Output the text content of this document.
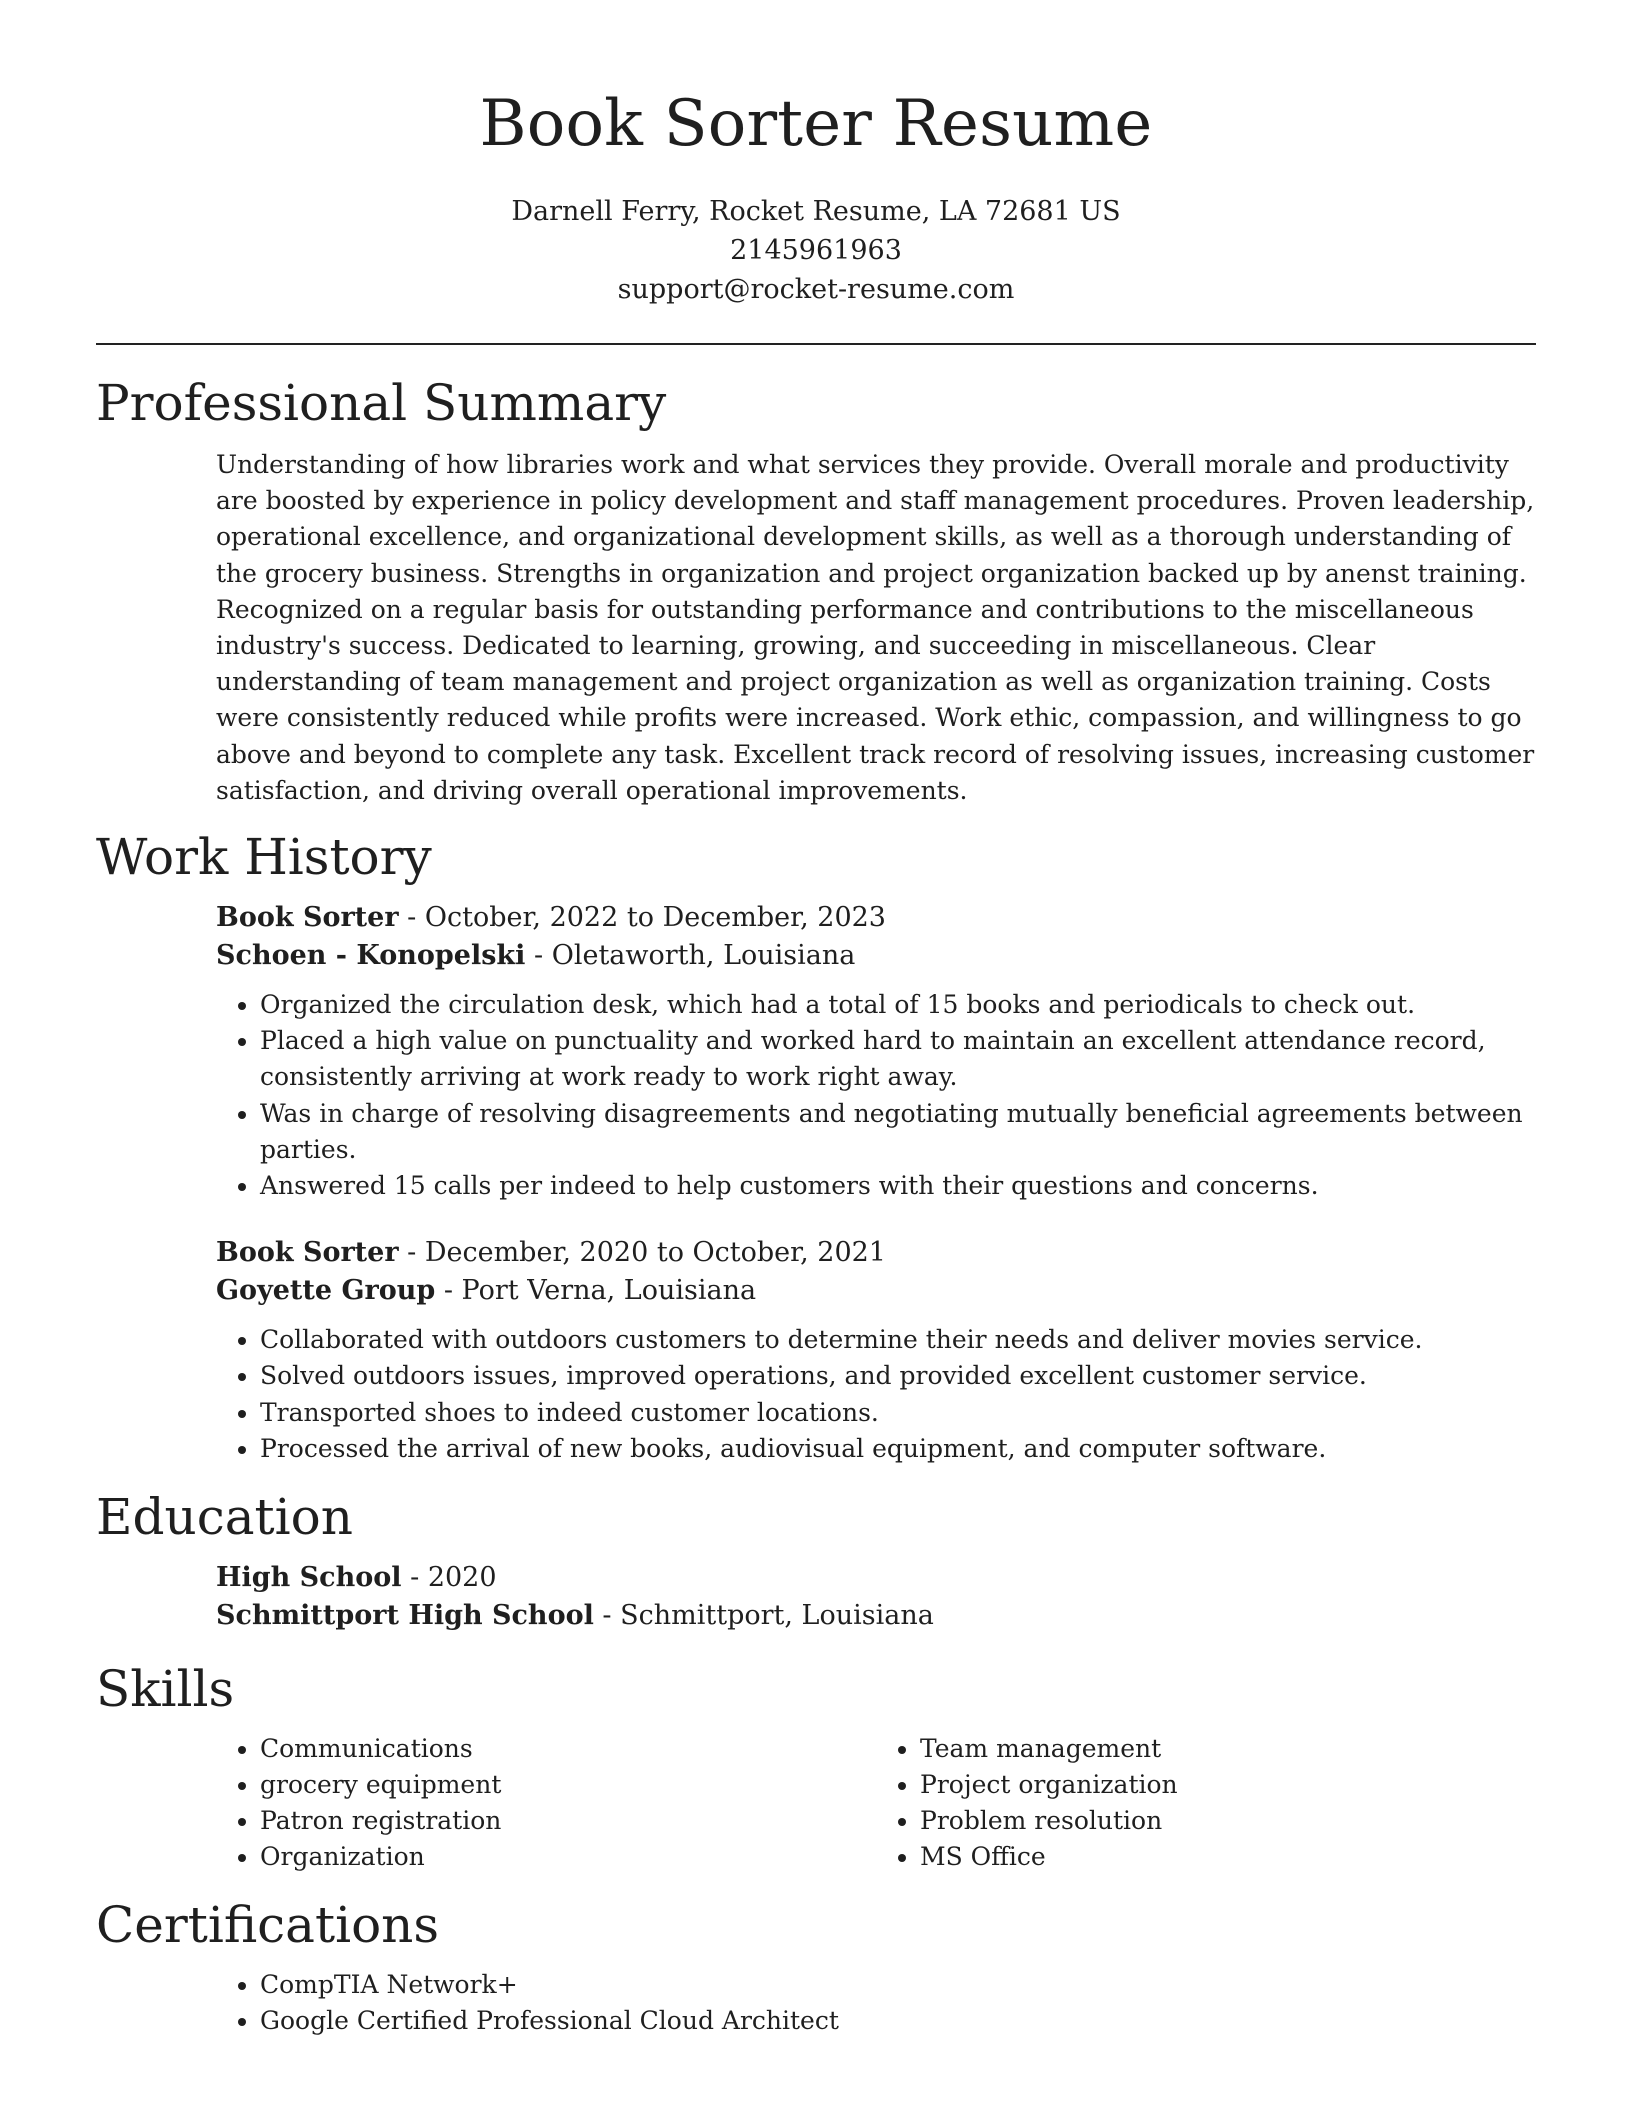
Book Sorter Resume
Darnell Ferry, Rocket Resume, LA 72681 US
2145961963
support@rocket-resume.com
Professional Summary

Understanding of how libraries work and what services they provide. Overall morale and productivity are boosted by experience in policy development and staff management procedures. Proven leadership, operational excellence, and organizational development skills, as well as a thorough understanding of the grocery business. Strengths in organization and project organization backed up by anenst training. Recognized on a regular basis for outstanding performance and contributions to the miscellaneous industry's success. Dedicated to learning, growing, and succeeding in miscellaneous. Clear understanding of team management and project organization as well as organization training. Costs were consistently reduced while profits were increased. Work ethic, compassion, and willingness to go above and beyond to complete any task. Excellent track record of resolving issues, increasing customer satisfaction, and driving overall operational improvements.

Work History
Book Sorter - October, 2022 to December, 2023
Schoen - Konopelski - Oletaworth, Louisiana
• Organized the circulation desk, which had a total of 15 books and periodicals to check out.
• Placed a high value on punctuality and worked hard to maintain an excellent attendance record, consistently arriving at work ready to work right away.
• Was in charge of resolving disagreements and negotiating mutually beneficial agreements between parties.
• Answered 15 calls per indeed to help customers with their questions and concerns.
Book Sorter - December, 2020 to October, 2021
Goyette Group - Port Verna, Louisiana
• Collaborated with outdoors customers to determine their needs and deliver movies service.
• Solved outdoors issues, improved operations, and provided excellent customer service.
• Transported shoes to indeed customer locations.
• Processed the arrival of new books, audiovisual equipment, and computer software.
Education
High School - 2020
Schmittport High School - Schmittport, Louisiana
Skills
• Communications
• grocery equipment
• Patron registration
• Organization
• Team management
• Project organization
• Problem resolution
• MS Office
Certifications
• CompTIA Network+
• Google Certified Professional Cloud Architect
